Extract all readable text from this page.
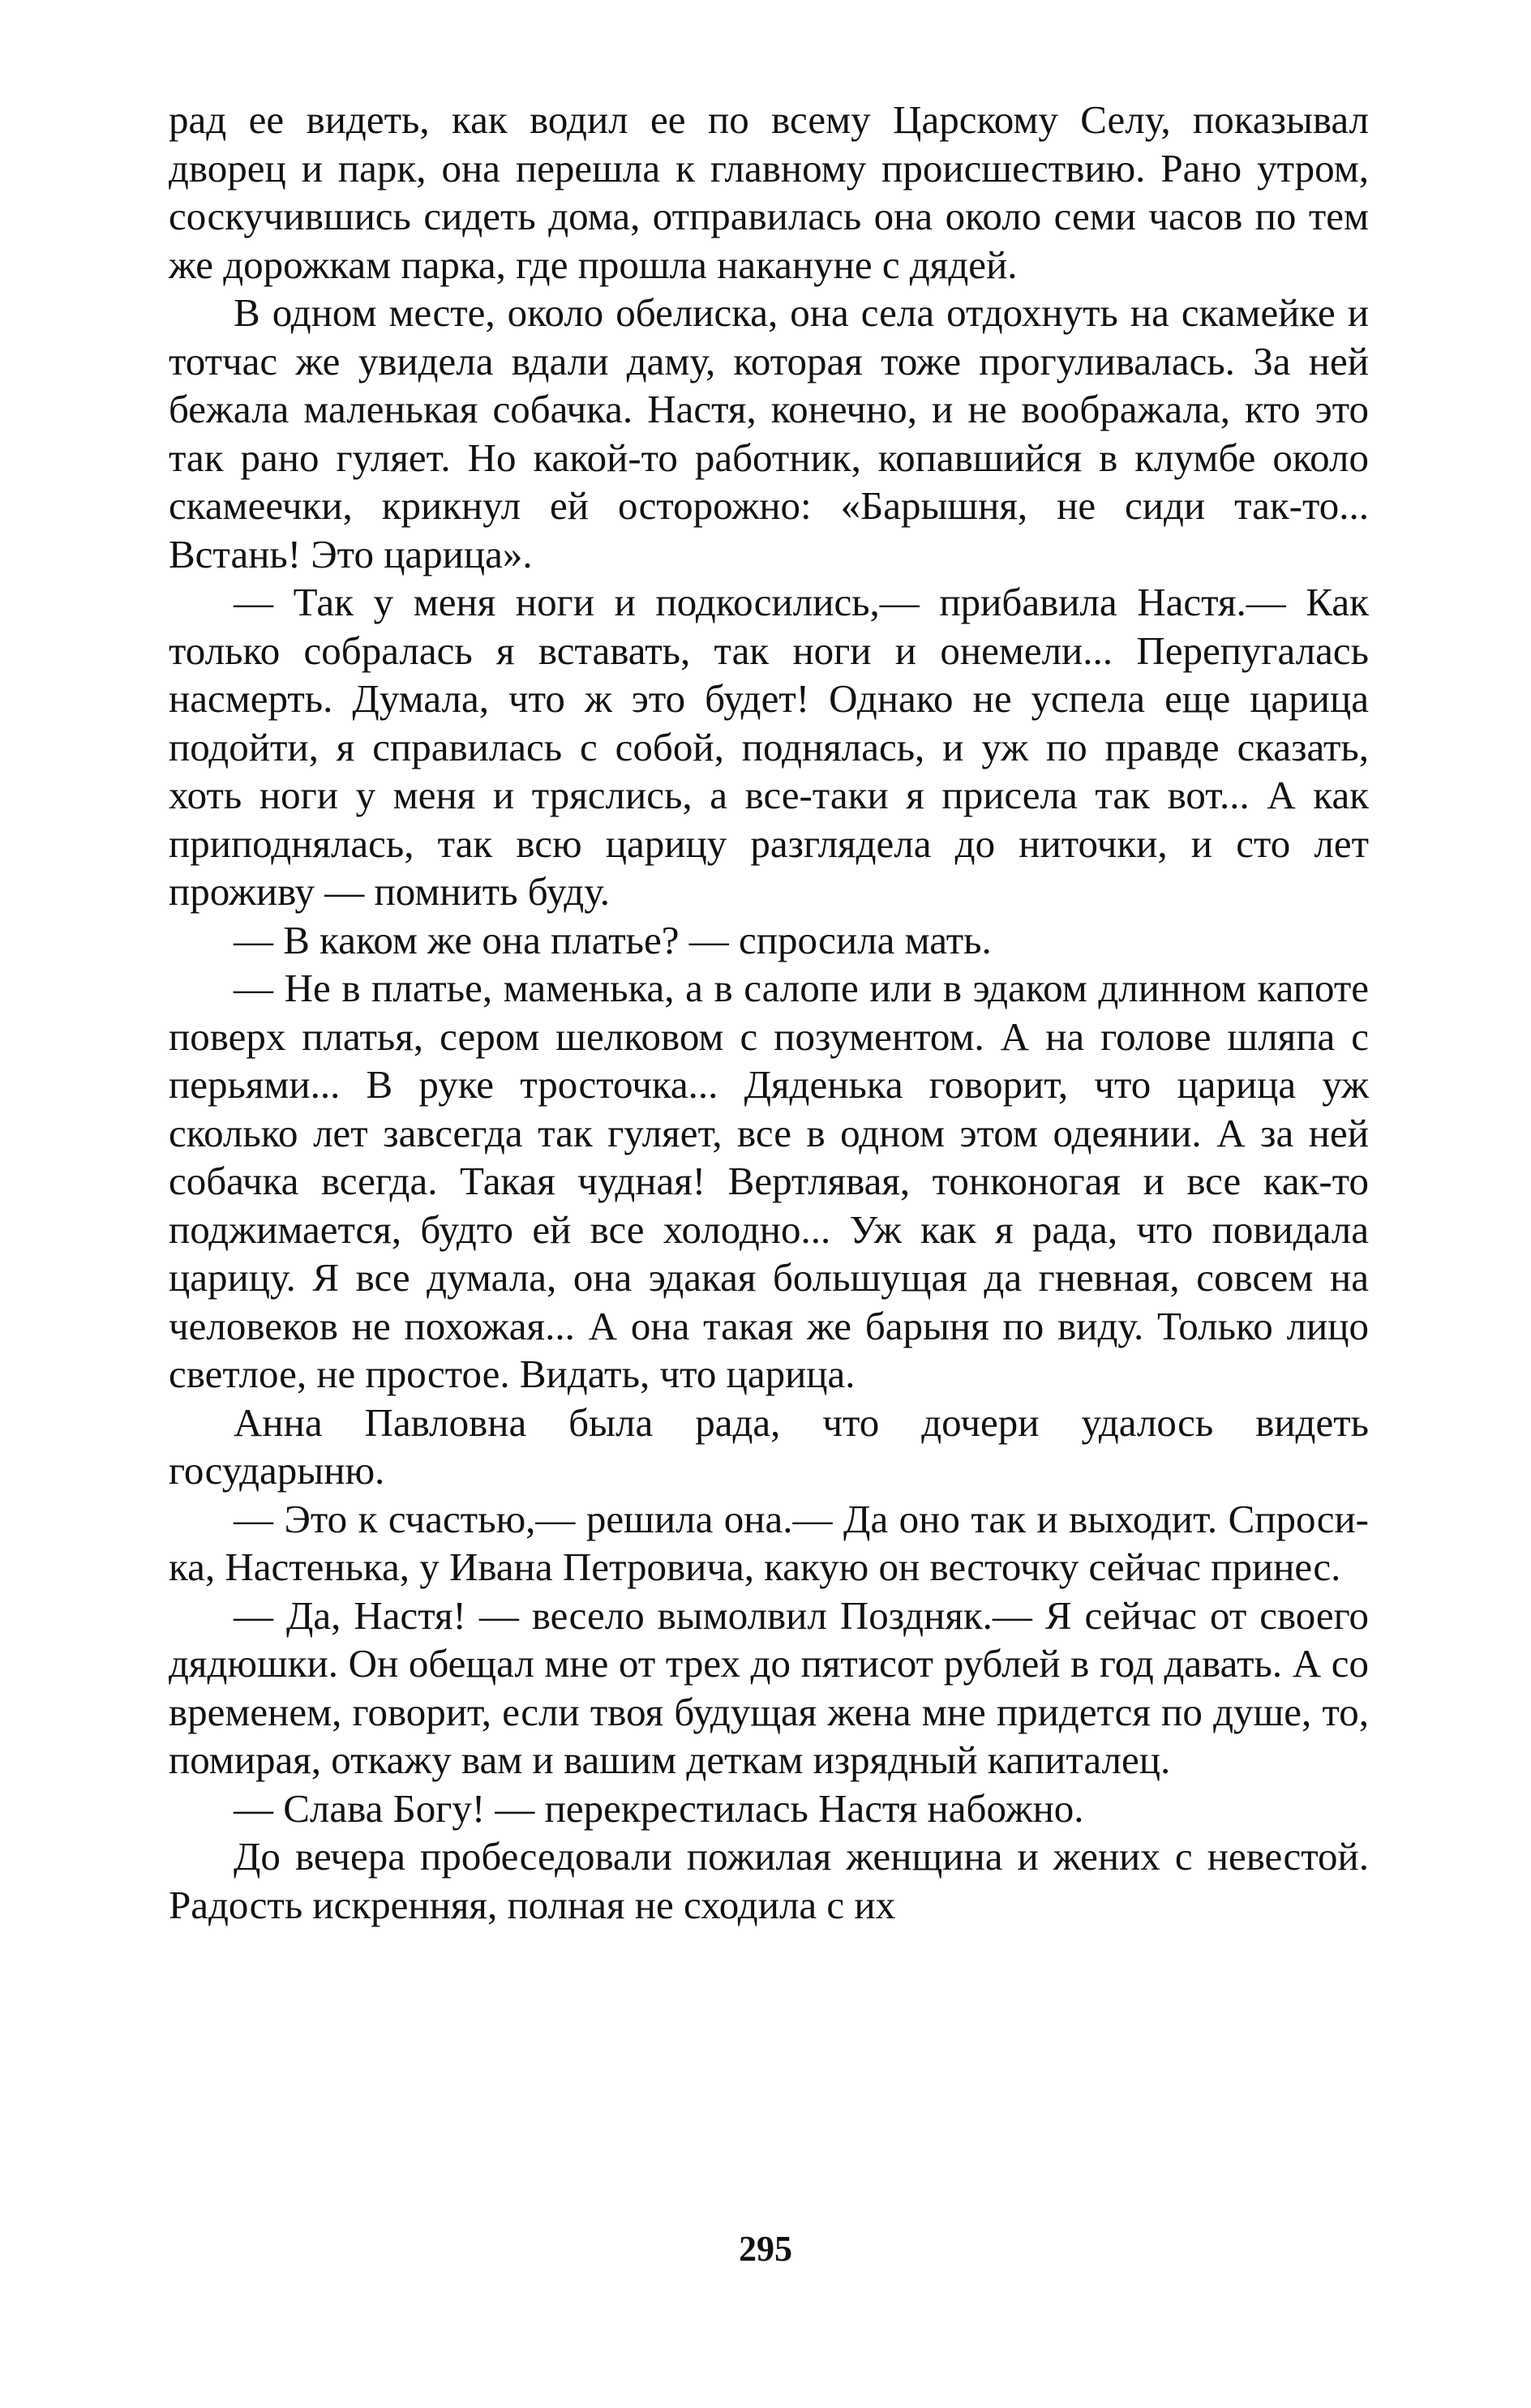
рад ее видеть, как водил ее по всему Царскому Селу, показывал дворец и парк, она перешла к главному происшествию. Рано утром, соскучившись сидеть дома, отправилась она около семи часов по тем же дорожкам парка, где прошла накануне с дядей.

В одном месте, около обелиска, она села отдохнуть на скамейке и тотчас же увидела вдали даму, которая тоже прогуливалась. За ней бежала маленькая собачка. Настя, конечно, и не воображала, кто это так рано гуляет. Но какой-то работник, копавшийся в клумбе около скамеечки, крикнул ей осторожно: «Барышня, не сиди так-то... Встань! Это царица».

— Так у меня ноги и подкосились,— прибавила Настя.— Как только собралась я вставать, так ноги и онемели... Перепугалась насмерть. Думала, что ж это будет! Однако не успела еще царица подойти, я справилась с собой, поднялась, и уж по правде сказать, хоть ноги у меня и тряслись, а все-таки я присела так вот... А как приподнялась, так всю царицу разглядела до ниточки, и сто лет проживу — помнить буду.

— В каком же она платье? — спросила мать.

— Не в платье, маменька, а в салопе или в эдаком длинном капоте поверх платья, сером шелковом с позументом. А на голове шляпа с перьями... В руке тросточка... Дяденька говорит, что царица уж сколько лет завсегда так гуляет, все в одном этом одеянии. А за ней собачка всегда. Такая чудная! Вертлявая, тонконогая и все как-то поджимается, будто ей все холодно... Уж как я рада, что повидала царицу. Я все думала, она эдакая большущая да гневная, совсем на человеков не похожая... А она такая же барыня по виду. Только лицо светлое, не простое. Видать, что царица.

Анна Павловна была рада, что дочери удалось видеть государыню.

— Это к счастью,— решила она.— Да оно так и выходит. Спроси-ка, Настенька, у Ивана Петровича, какую он весточку сейчас принес.

— Да, Настя! — весело вымолвил Поздняк.— Я сейчас от своего дядюшки. Он обещал мне от трех до пятисот рублей в год давать. А со временем, говорит, если твоя будущая жена мне придется по душе, то, помирая, откажу вам и вашим деткам изрядный капиталец.

— Слава Богу! — перекрестилась Настя набожно.

До вечера пробеседовали пожилая женщина и жених с невестой. Радость искренняя, полная не сходила с их

295
